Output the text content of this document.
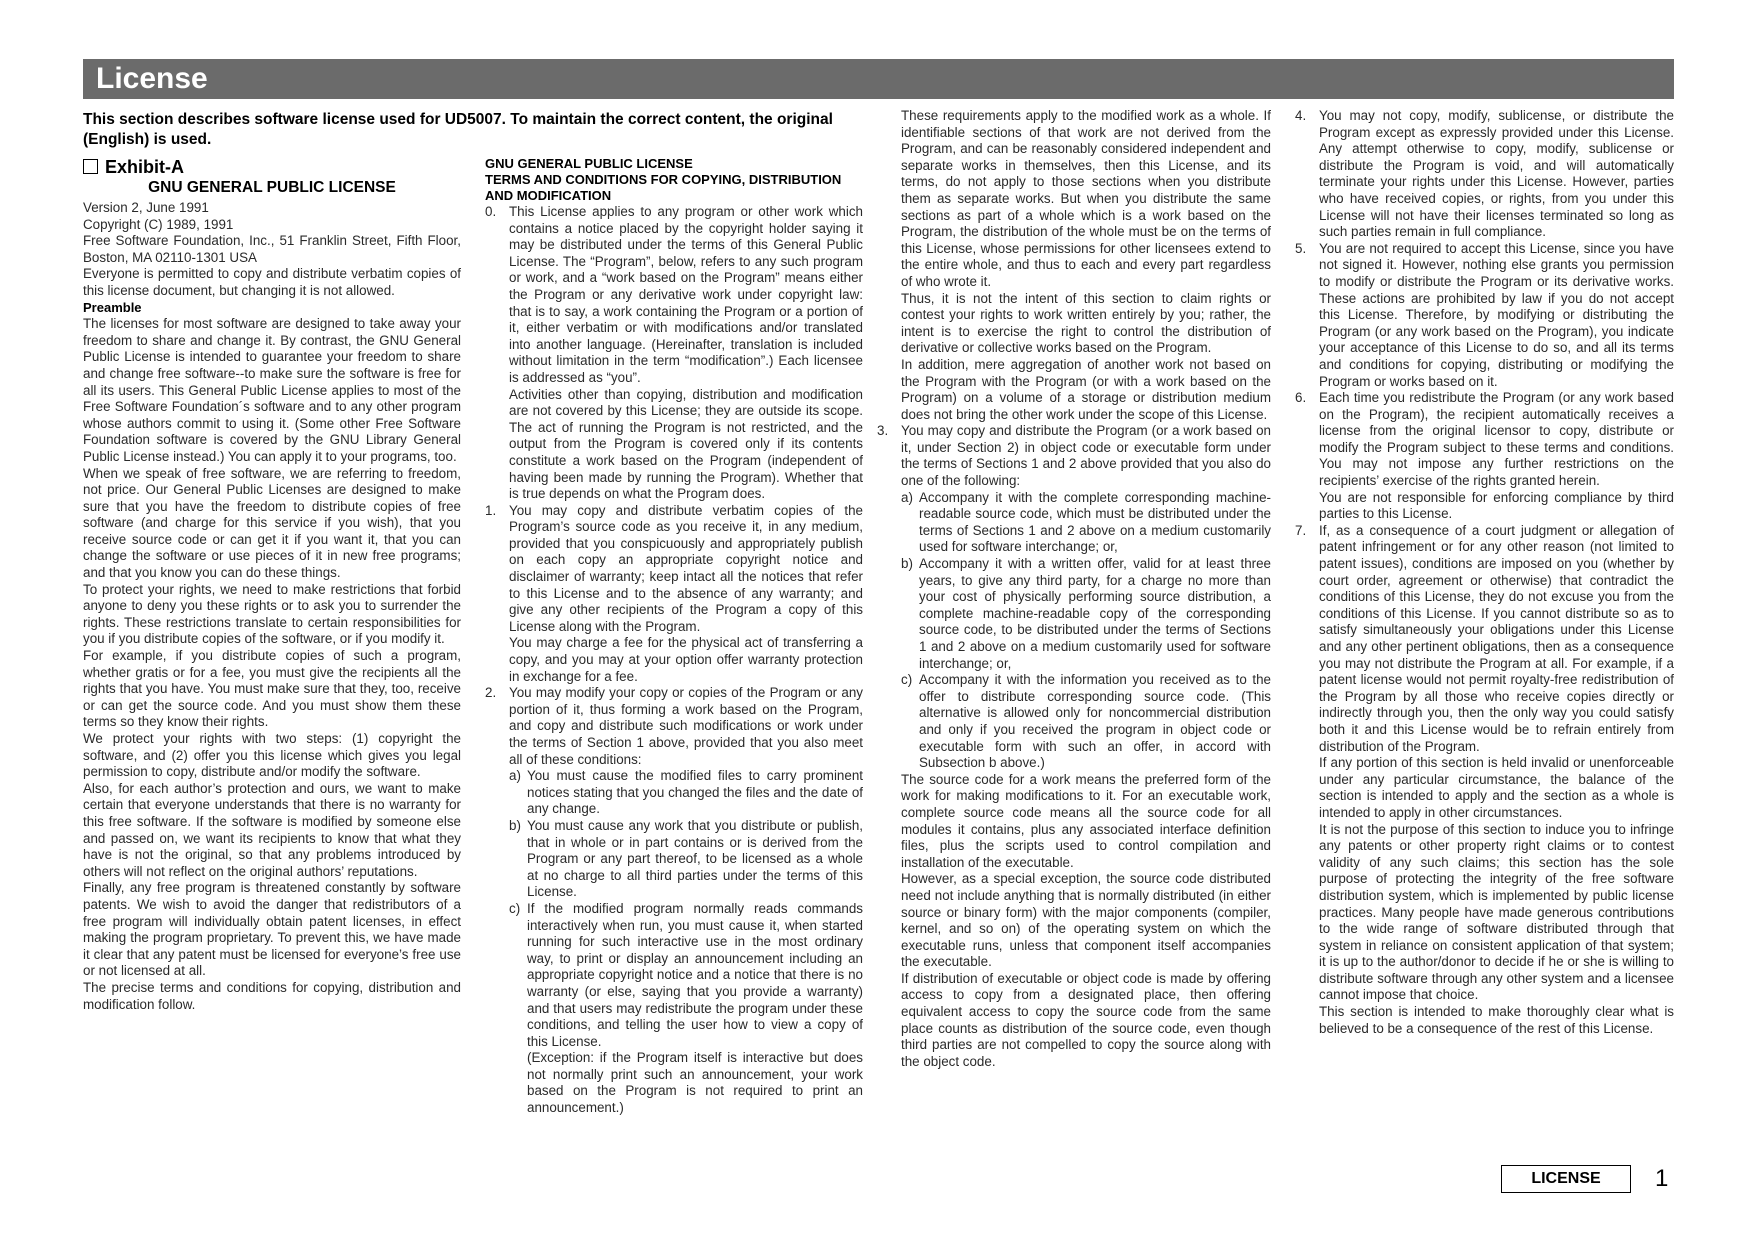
License
This section describes software license used for UD5007. To maintain the correct content, the original (English) is used.
Exhibit-A
GNU GENERAL PUBLIC LICENSE

Version 2, June 1991

Copyright (C) 1989, 1991

Free Software Foundation, Inc., 51 Franklin Street, Fifth Floor, Boston, MA 02110-1301 USA

Everyone is permitted to copy and distribute verbatim copies of this license document, but changing it is not allowed.

Preamble

The licenses for most software are designed to take away your freedom to share and change it. By contrast, the GNU General Public License is intended to guarantee your freedom to share and change free software--to make sure the software is free for all its users. This General Public License applies to most of the Free Software Foundation´s software and to any other program whose authors commit to using it. (Some other Free Software Foundation software is covered by the GNU Library General Public License instead.) You can apply it to your programs, too.

When we speak of free software, we are referring to freedom, not price. Our General Public Licenses are designed to make sure that you have the freedom to distribute copies of free software (and charge for this service if you wish), that you receive source code or can get it if you want it, that you can change the software or use pieces of it in new free programs; and that you know you can do these things.

To protect your rights, we need to make restrictions that forbid anyone to deny you these rights or to ask you to surrender the rights. These restrictions translate to certain responsibilities for you if you distribute copies of the software, or if you modify it.

For example, if you distribute copies of such a program, whether gratis or for a fee, you must give the recipients all the rights that you have. You must make sure that they, too, receive or can get the source code. And you must show them these terms so they know their rights.

We protect your rights with two steps: (1) copyright the software, and (2) offer you this license which gives you legal permission to copy, distribute and/or modify the software.

Also, for each author’s protection and ours, we want to make certain that everyone understands that there is no warranty for this free software. If the software is modified by someone else and passed on, we want its recipients to know that what they have is not the original, so that any problems introduced by others will not reflect on the original authors’ reputations.

Finally, any free program is threatened constantly by software patents. We wish to avoid the danger that redistributors of a free program will individually obtain patent licenses, in effect making the program proprietary. To prevent this, we have made it clear that any patent must be licensed for everyone’s free use or not licensed at all.

The precise terms and conditions for copying, distribution and modification follow.

GNU GENERAL PUBLIC LICENSE
TERMS AND CONDITIONS FOR COPYING, DISTRIBUTION AND MODIFICATION
0. This License applies to any program or other work which contains a notice placed by the copyright holder saying it may be distributed under the terms of this General Public License. The “Program”, below, refers to any such program or work, and a “work based on the Program” means either the Program or any derivative work under copyright law: that is to say, a work containing the Program or a portion of it, either verbatim or with modifications and/or translated into another language. (Hereinafter, translation is included without limitation in the term “modification”.) Each licensee is addressed as “you”.

Activities other than copying, distribution and modification are not covered by this License; they are outside its scope. The act of running the Program is not restricted, and the output from the Program is covered only if its contents constitute a work based on the Program (independent of having been made by running the Program). Whether that is true depends on what the Program does.

1. You may copy and distribute verbatim copies of the Program’s source code as you receive it, in any medium, provided that you conspicuously and appropriately publish on each copy an appropriate copyright notice and disclaimer of warranty; keep intact all the notices that refer to this License and to the absence of any warranty; and give any other recipients of the Program a copy of this License along with the Program.

You may charge a fee for the physical act of transferring a copy, and you may at your option offer warranty protection in exchange for a fee.

2. You may modify your copy or copies of the Program or any portion of it, thus forming a work based on the Program, and copy and distribute such modifications or work under the terms of Section 1 above, provided that you also meet all of these conditions:
a) You must cause the modified files to carry prominent notices stating that you changed the files and the date of any change.
b) You must cause any work that you distribute or publish, that in whole or in part contains or is derived from the Program or any part thereof, to be licensed as a whole at no charge to all third parties under the terms of this License.
c) If the modified program normally reads commands interactively when run, you must cause it, when started running for such interactive use in the most ordinary way, to print or display an announcement including an appropriate copyright notice and a notice that there is no warranty (or else, saying that you provide a warranty) and that users may redistribute the program under these conditions, and telling the user how to view a copy of this License.

(Exception: if the Program itself is interactive but does not normally print such an announcement, your work based on the Program is not required to print an announcement.)

These requirements apply to the modified work as a whole. If identifiable sections of that work are not derived from the Program, and can be reasonably considered independent and separate works in themselves, then this License, and its terms, do not apply to those sections when you distribute them as separate works. But when you distribute the same sections as part of a whole which is a work based on the Program, the distribution of the whole must be on the terms of this License, whose permissions for other licensees extend to the entire whole, and thus to each and every part regardless of who wrote it.

Thus, it is not the intent of this section to claim rights or contest your rights to work written entirely by you; rather, the intent is to exercise the right to control the distribution of derivative or collective works based on the Program.

In addition, mere aggregation of another work not based on the Program with the Program (or with a work based on the Program) on a volume of a storage or distribution medium does not bring the other work under the scope of this License.

3. You may copy and distribute the Program (or a work based on it, under Section 2) in object code or executable form under the terms of Sections 1 and 2 above provided that you also do one of the following:
a) Accompany it with the complete corresponding machine-readable source code, which must be distributed under the terms of Sections 1 and 2 above on a medium customarily used for software interchange; or,
b) Accompany it with a written offer, valid for at least three years, to give any third party, for a charge no more than your cost of physically performing source distribution, a complete machine-readable copy of the corresponding source code, to be distributed under the terms of Sections 1 and 2 above on a medium customarily used for software interchange; or,
c) Accompany it with the information you received as to the offer to distribute corresponding source code. (This alternative is allowed only for noncommercial distribution and only if you received the program in object code or executable form with such an offer, in accord with Subsection b above.)

The source code for a work means the preferred form of the work for making modifications to it. For an executable work, complete source code means all the source code for all modules it contains, plus any associated interface definition files, plus the scripts used to control compilation and installation of the executable.

However, as a special exception, the source code distributed need not include anything that is normally distributed (in either source or binary form) with the major components (compiler, kernel, and so on) of the operating system on which the executable runs, unless that component itself accompanies the executable.

If distribution of executable or object code is made by offering access to copy from a designated place, then offering equivalent access to copy the source code from the same place counts as distribution of the source code, even though third parties are not compelled to copy the source along with the object code.

4. You may not copy, modify, sublicense, or distribute the Program except as expressly provided under this License. Any attempt otherwise to copy, modify, sublicense or distribute the Program is void, and will automatically terminate your rights under this License. However, parties who have received copies, or rights, from you under this License will not have their licenses terminated so long as such parties remain in full compliance.
5. You are not required to accept this License, since you have not signed it. However, nothing else grants you permission to modify or distribute the Program or its derivative works. These actions are prohibited by law if you do not accept this License. Therefore, by modifying or distributing the Program (or any work based on the Program), you indicate your acceptance of this License to do so, and all its terms and conditions for copying, distributing or modifying the Program or works based on it.
6. Each time you redistribute the Program (or any work based on the Program), the recipient automatically receives a license from the original licensor to copy, distribute or modify the Program subject to these terms and conditions. You may not impose any further restrictions on the recipients’ exercise of the rights granted herein.

You are not responsible for enforcing compliance by third parties to this License.

7. If, as a consequence of a court judgment or allegation of patent infringement or for any other reason (not limited to patent issues), conditions are imposed on you (whether by court order, agreement or otherwise) that contradict the conditions of this License, they do not excuse you from the conditions of this License. If you cannot distribute so as to satisfy simultaneously your obligations under this License and any other pertinent obligations, then as a consequence you may not distribute the Program at all. For example, if a patent license would not permit royalty-free redistribution of the Program by all those who receive copies directly or indirectly through you, then the only way you could satisfy both it and this License would be to refrain entirely from distribution of the Program.

If any portion of this section is held invalid or unenforceable under any particular circumstance, the balance of the section is intended to apply and the section as a whole is intended to apply in other circumstances.

It is not the purpose of this section to induce you to infringe any patents or other property right claims or to contest validity of any such claims; this section has the sole purpose of protecting the integrity of the free software distribution system, which is implemented by public license practices. Many people have made generous contributions to the wide range of software distributed through that system in reliance on consistent application of that system; it is up to the author/donor to decide if he or she is willing to distribute software through any other system and a licensee cannot impose that choice.

This section is intended to make thoroughly clear what is believed to be a consequence of the rest of this License.

LICENSE	1
